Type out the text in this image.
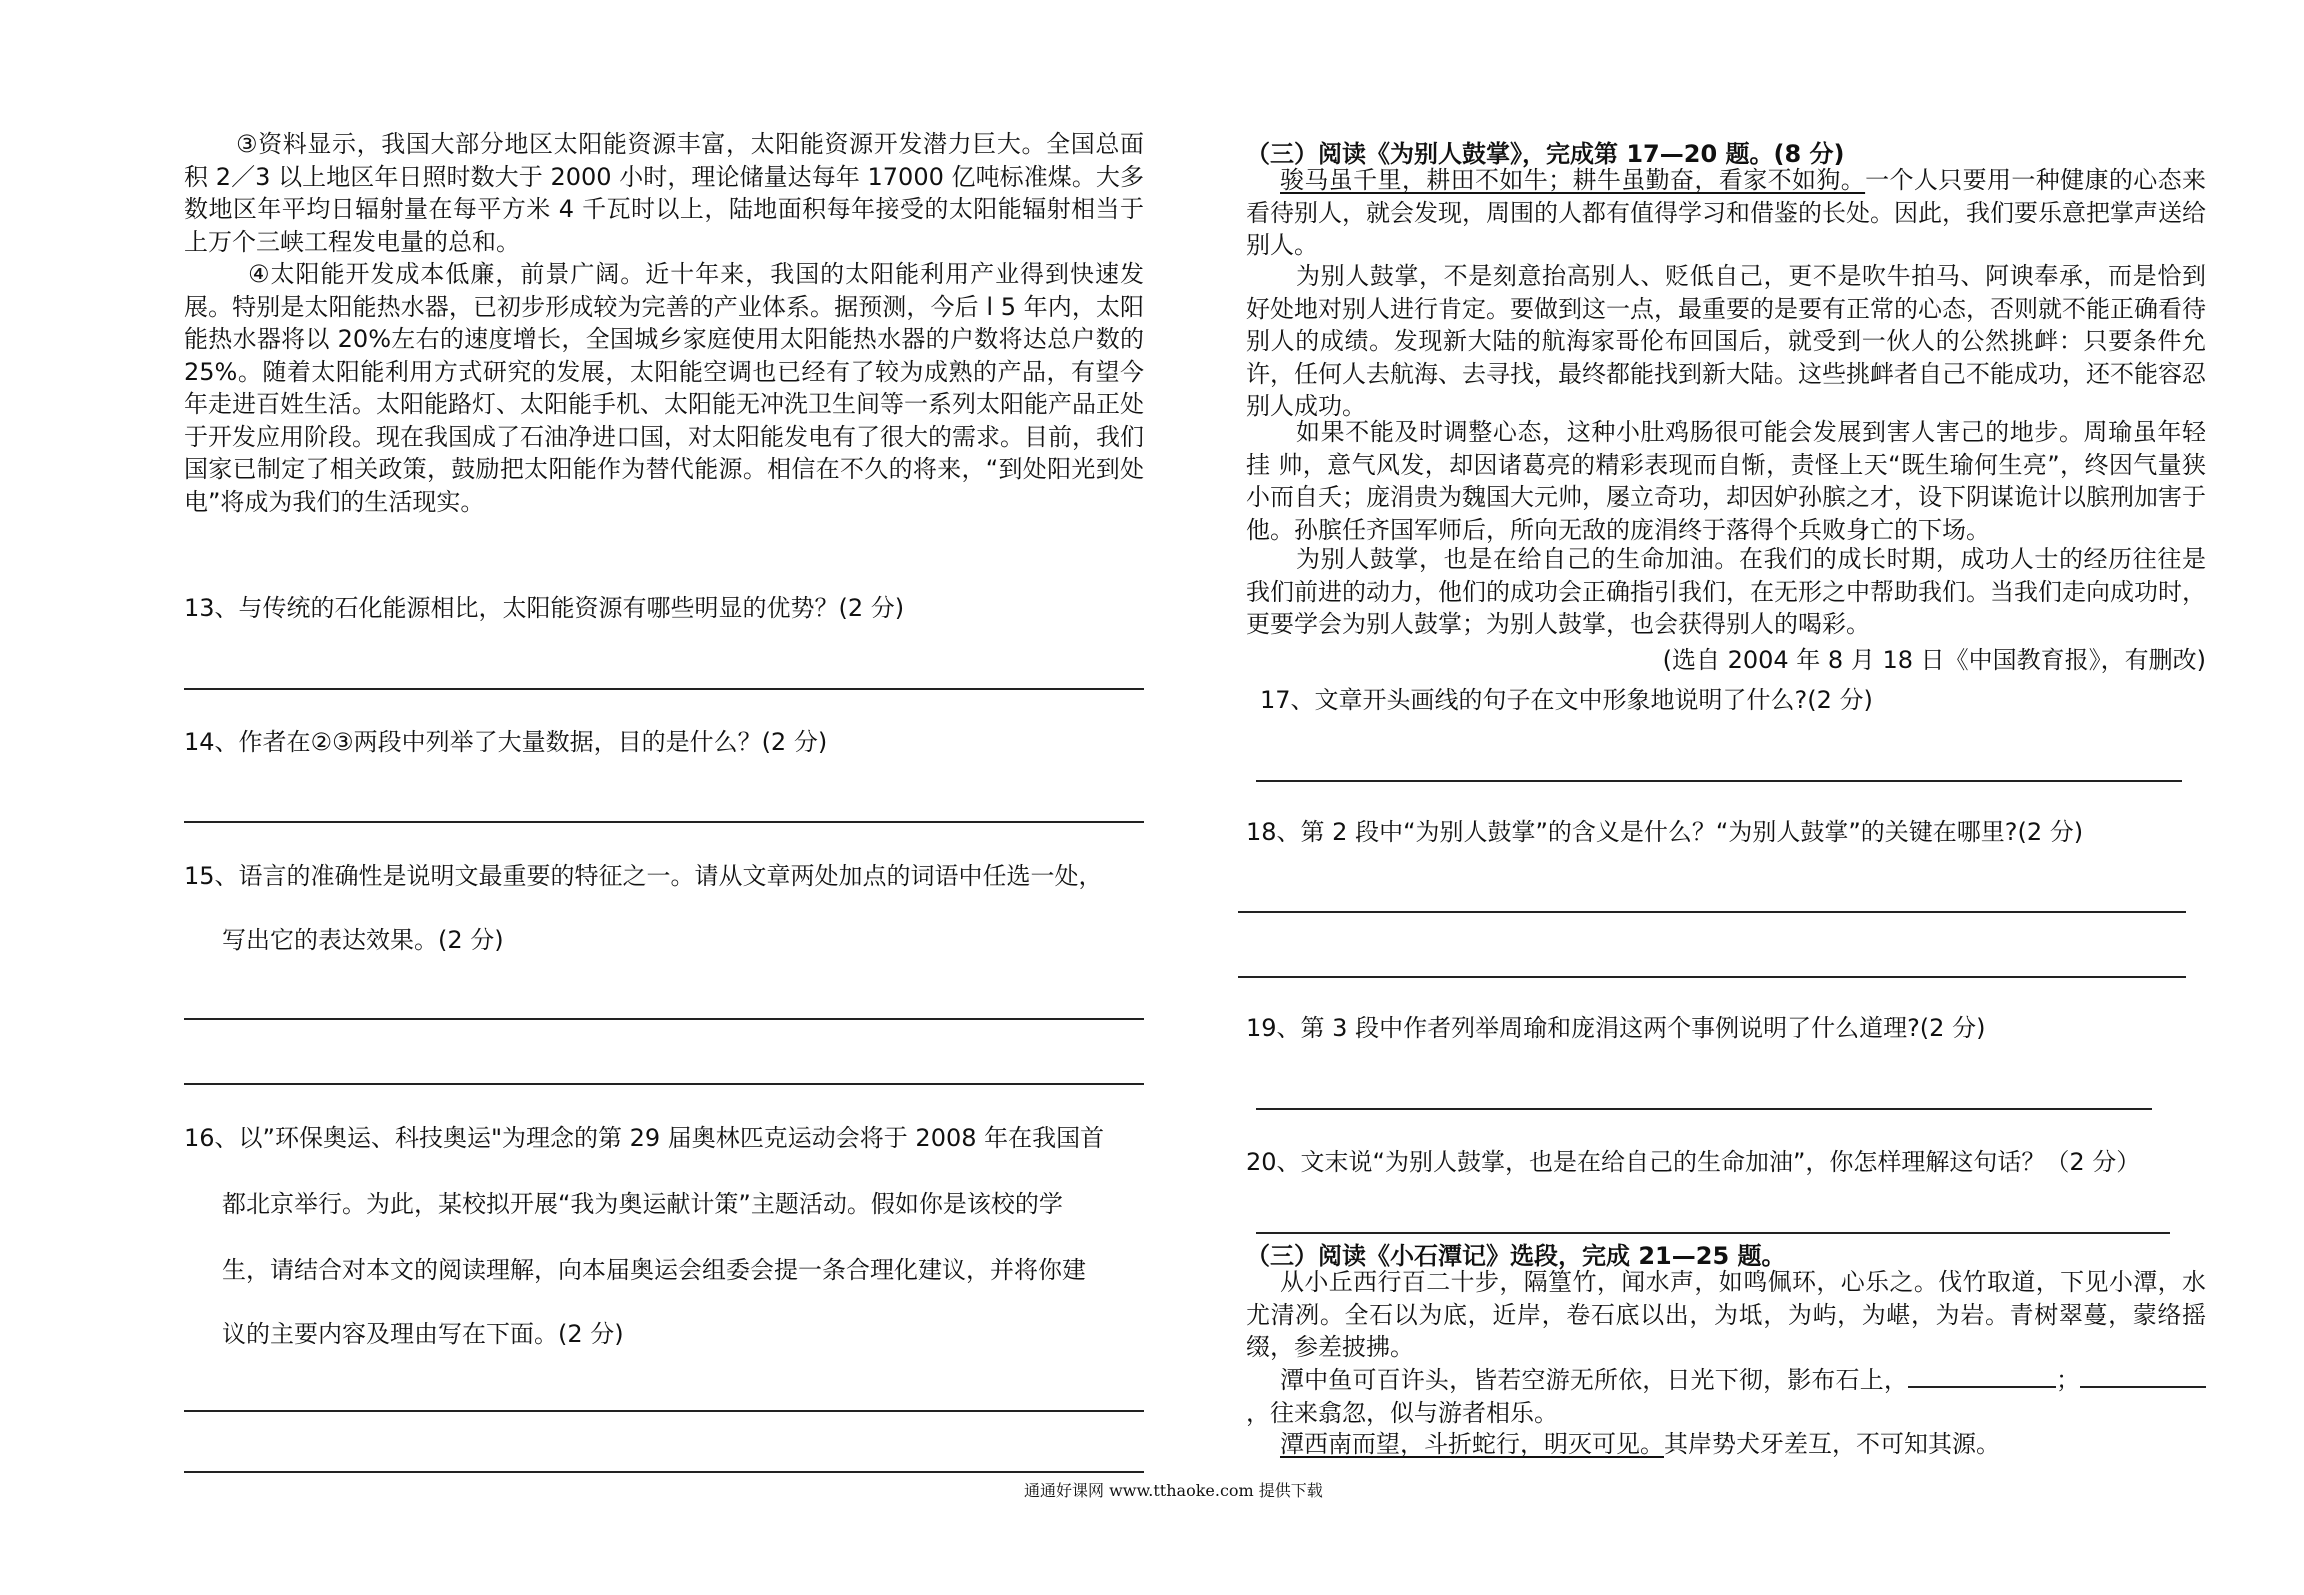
③资料显示，我国大部分地区太阳能资源丰富，太阳能资源开发潜力巨大。全国总面积 2／3 以上地区年日照时数大于 2000 小时，理论储量达每年 17000 亿吨标准煤。大多数地区年平均日辐射量在每平方米 4 千瓦时以上，陆地面积每年接受的太阳能辐射相当于上万个三峡工程发电量的总和。
④太阳能开发成本低廉，前景广阔。近十年来，我国的太阳能利用产业得到快速发展。特别是太阳能热水器，已初步形成较为完善的产业体系。据预测，今后 l 5 年内，太阳能热水器将以 20%左右的速度增长，全国城乡家庭使用太阳能热水器的户数将达总户数的 25%。随着太阳能利用方式研究的发展，太阳能空调也已经有了较为成熟的产品，有望今年走进百姓生活。太阳能路灯、太阳能手机、太阳能无冲洗卫生间等一系列太阳能产品正处于开发应用阶段。现在我国成了石油净进口国，对太阳能发电有了很大的需求。目前，我们国家已制定了相关政策，鼓励把太阳能作为替代能源。相信在不久的将来，“到处阳光到处电”将成为我们的生活现实。
13、与传统的石化能源相比，太阳能资源有哪些明显的优势？(2 分)
14、作者在②③两段中列举了大量数据，目的是什么？(2 分)
15、语言的准确性是说明文最重要的特征之一。请从文章两处加点的词语中任选一处，
写出它的表达效果。(2 分)
16、以”环保奥运、科技奥运"为理念的第 29 届奥林匹克运动会将于 2008 年在我国首
都北京举行。为此，某校拟开展“我为奥运献计策”主题活动。假如你是该校的学
生，请结合对本文的阅读理解，向本届奥运会组委会提一条合理化建议，并将你建
议的主要内容及理由写在下面。(2 分)
（三）阅读《为别人鼓掌》，完成第 17—20 题。(8 分)
骏马虽千里，耕田不如牛；耕牛虽勤奋，看家不如狗。一个人只要用一种健康的心态来看待别人，就会发现，周围的人都有值得学习和借鉴的长处。因此，我们要乐意把掌声送给别人。
为别人鼓掌，不是刻意抬高别人、贬低自己，更不是吹牛拍马、阿谀奉承，而是恰到好处地对别人进行肯定。要做到这一点，最重要的是要有正常的心态，否则就不能正确看待别人的成绩。发现新大陆的航海家哥伦布回国后，就受到一伙人的公然挑衅：只要条件允许，任何人去航海、去寻找，最终都能找到新大陆。这些挑衅者自己不能成功，还不能容忍别人成功。
如果不能及时调整心态，这种小肚鸡肠很可能会发展到害人害己的地步。周瑜虽年轻挂 帅，意气风发，却因诸葛亮的精彩表现而自惭，责怪上天“既生瑜何生亮”，终因气量狭小而自夭；庞涓贵为魏国大元帅，屡立奇功，却因妒孙膑之才，设下阴谋诡计以膑刑加害于他。孙膑任齐国军师后，所向无敌的庞涓终于落得个兵败身亡的下场。
为别人鼓掌，也是在给自己的生命加油。在我们的成长时期，成功人士的经历往往是我们前进的动力，他们的成功会正确指引我们，在无形之中帮助我们。当我们走向成功时，更要学会为别人鼓掌；为别人鼓掌，也会获得别人的喝彩。
(选自 2004 年 8 月 18 日《中国教育报》，有删改)
17、文章开头画线的句子在文中形象地说明了什么?(2 分)
18、第 2 段中“为别人鼓掌”的含义是什么？“为别人鼓掌”的关键在哪里?(2 分)
19、第 3 段中作者列举周瑜和庞涓这两个事例说明了什么道理?(2 分)
20、文末说“为别人鼓掌，也是在给自己的生命加油”，你怎样理解这句话？（2 分）
（三）阅读《小石潭记》选段，完成 21—25 题。
从小丘西行百二十步，隔篁竹，闻水声，如鸣佩环，心乐之。伐竹取道，下见小潭，水尤清冽。全石以为底，近岸，卷石底以出，为坻，为屿，为嵁，为岩。青树翠蔓，蒙络摇缀，参差披拂。
潭中鱼可百许头，皆若空游无所依，日光下彻，影布石上，	；，往来翕忽，似与游者相乐。
潭西南而望，斗折蛇行，明灭可见。其岸势犬牙差互，不可知其源。
通通好课网 www.tthaoke.com 提供下载
